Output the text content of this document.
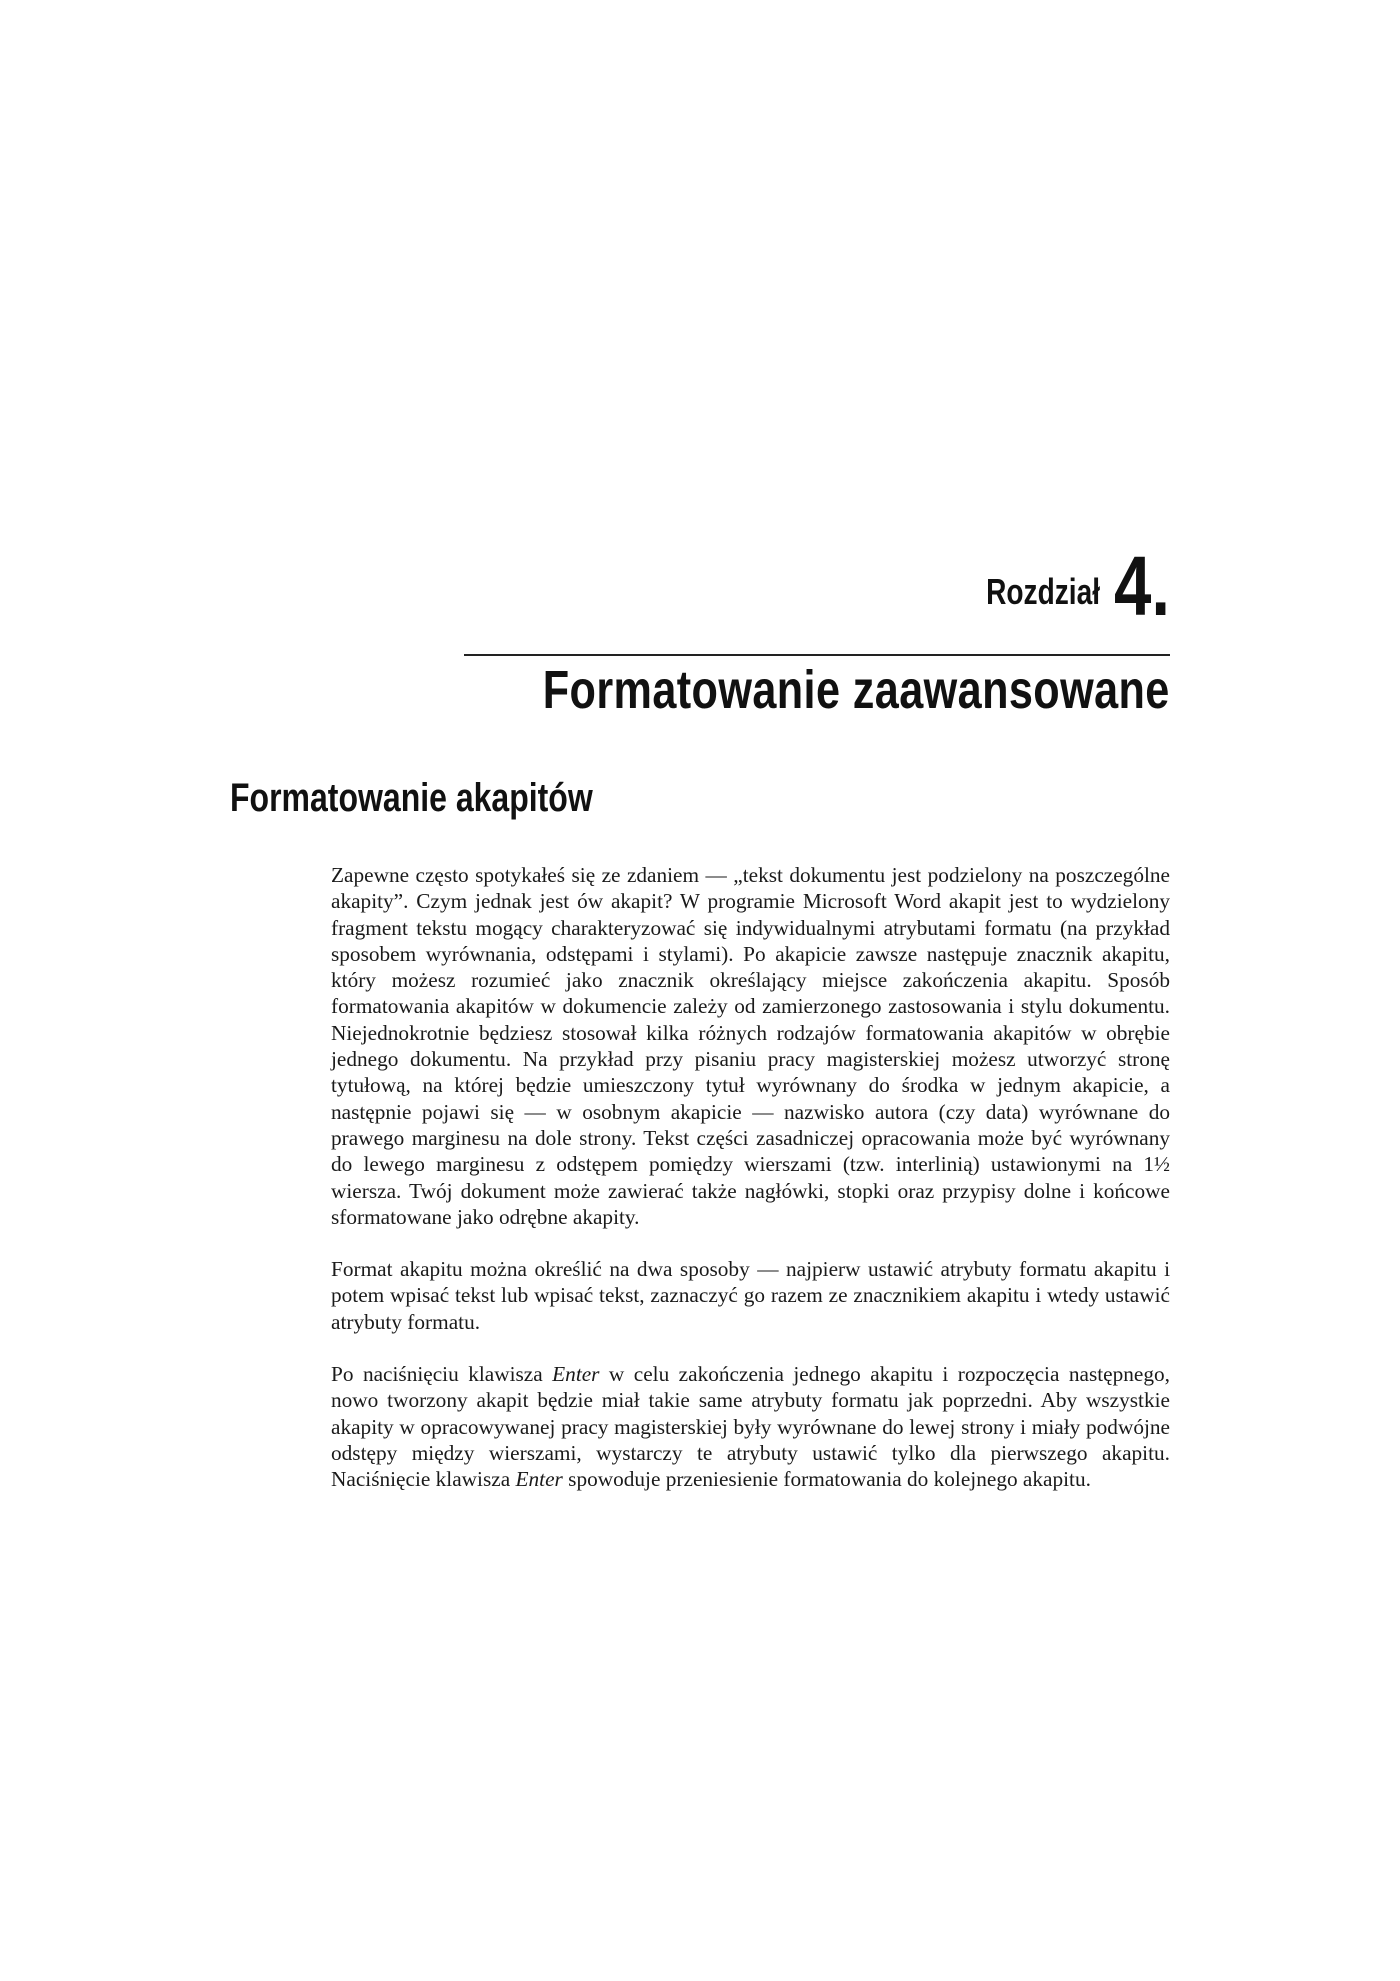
Rozdział 4.
Formatowanie zaawansowane
Formatowanie akapitów

Zapewne często spotykałeś się ze zdaniem — „tekst dokumentu jest podzielony na poszczególne akapity”. Czym jednak jest ów akapit? W programie Microsoft Word akapit jest to wydzielony fragment tekstu mogący charakteryzować się indywidualnymi atrybutami formatu (na przykład sposobem wyrównania, odstępami i stylami). Po akapicie zawsze następuje znacznik akapitu, który możesz rozumieć jako znacznik określający miejsce zakończenia akapitu. Sposób formatowania akapitów w dokumencie zależy od zamierzonego zastosowania i stylu dokumentu. Niejednokrotnie będziesz stosował kilka różnych rodzajów formatowania akapitów w obrębie jednego dokumentu. Na przykład przy pisaniu pracy magisterskiej możesz utworzyć stronę tytułową, na której będzie umieszczony tytuł wyrównany do środka w jednym akapicie, a następnie pojawi się — w osobnym akapicie — nazwisko autora (czy data) wyrównane do prawego marginesu na dole strony. Tekst części zasadniczej opracowania może być wyrównany do lewego marginesu z odstępem pomiędzy wierszami (tzw. interlinią) ustawionymi na 1½ wiersza. Twój dokument może zawierać także nagłówki, stopki oraz przypisy dolne i końcowe sformatowane jako odrębne akapity.

Format akapitu można określić na dwa sposoby — najpierw ustawić atrybuty formatu akapitu i potem wpisać tekst lub wpisać tekst, zaznaczyć go razem ze znacznikiem akapitu i wtedy ustawić atrybuty formatu.

Po naciśnięciu klawisza Enter w celu zakończenia jednego akapitu i rozpoczęcia następnego, nowo tworzony akapit będzie miał takie same atrybuty formatu jak poprzedni. Aby wszystkie akapity w opracowywanej pracy magisterskiej były wyrównane do lewej strony i miały podwójne odstępy między wierszami, wystarczy te atrybuty ustawić tylko dla pierwszego akapitu. Naciśnięcie klawisza Enter spowoduje przeniesienie formatowania do kolejnego akapitu.
